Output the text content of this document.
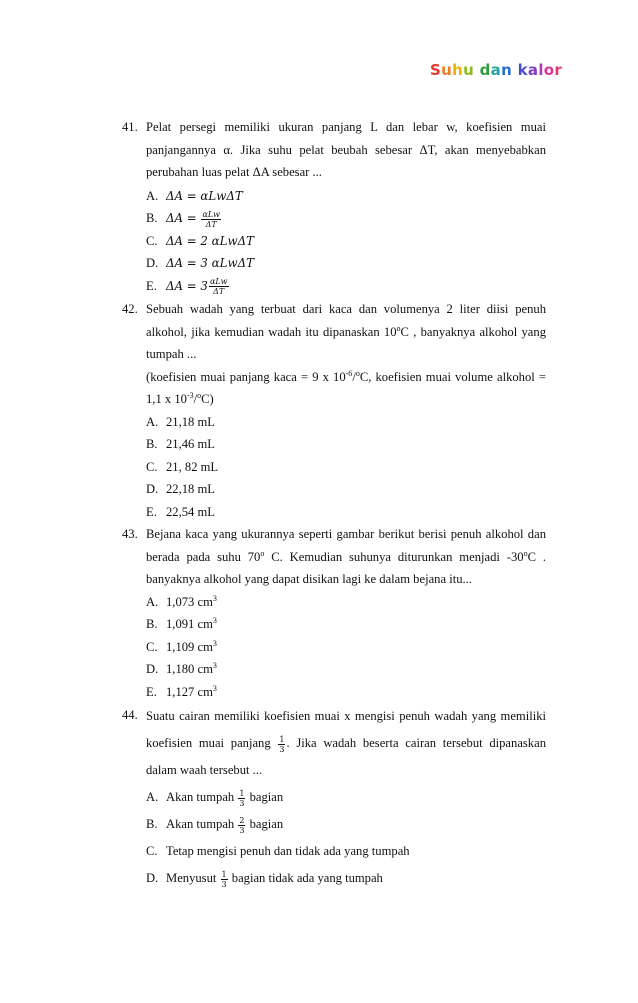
Suhu dan kalor
41. Pelat persegi memiliki ukuran panjang L dan lebar w, koefisien muai panjangannya α. Jika suhu pelat beubah sebesar ΔT, akan menyebabkan perubahan luas pelat ΔA sebesar ...
A. ΔA = αLwΔT
B. $\Delta A = \frac{\text{αLw}}{\Delta T}$
C. ΔA = 2 αLwΔT
D. ΔA = 3 αLwΔT
E. $\Delta A = 3 \frac{\text{αLw}}{\Delta T}$
42. Sebuah wadah yang terbuat dari kaca dan volumenya 2 liter diisi penuh alkohol, jika kemudian wadah itu dipanaskan 10$^o$C , banyaknya alkohol yang tumpah ...
(koefisien muai panjang kaca = 9 x $10^{-6}/^oC$, koefisien muai volume alkohol = 1,1 x $10^{-3}/^oC$)
A. 21,18 mL
B. 21,46 mL
C. 21, 82 mL
D. 22,18 mL
E. 22,54 mL
43. Bejana kaca yang ukurannya seperti gambar berikut berisi penuh alkohol dan berada pada suhu 70$^o$ C. Kemudian suhunya diturunkan menjadi -30$^o$C . banyaknya alkohol yang dapat disikan lagi ke dalam bejana itu...
A. 1,073 $cm^3$
B. 1,091 $cm^3$
C. 1,109 $cm^3$
D. 1,180 $cm^3$
E. 1,127 $cm^3$
44. Suatu cairan memiliki koefisien muai x mengisi penuh wadah yang memiliki koefisien muai panjang $\frac{1}{3}$ . Jika wadah beserta cairan tersebut dipanaskan dalam waah tersebut ...
A. Akan tumpah $\frac{1}{3}$ bagian
B. Akan tumpah $\frac{2}{3}$ bagian
C. Tetap mengisi penuh dan tidak ada yang tumpah
D. Menyusut $\frac{1}{3}$ bagian tidak ada yang tumpah
